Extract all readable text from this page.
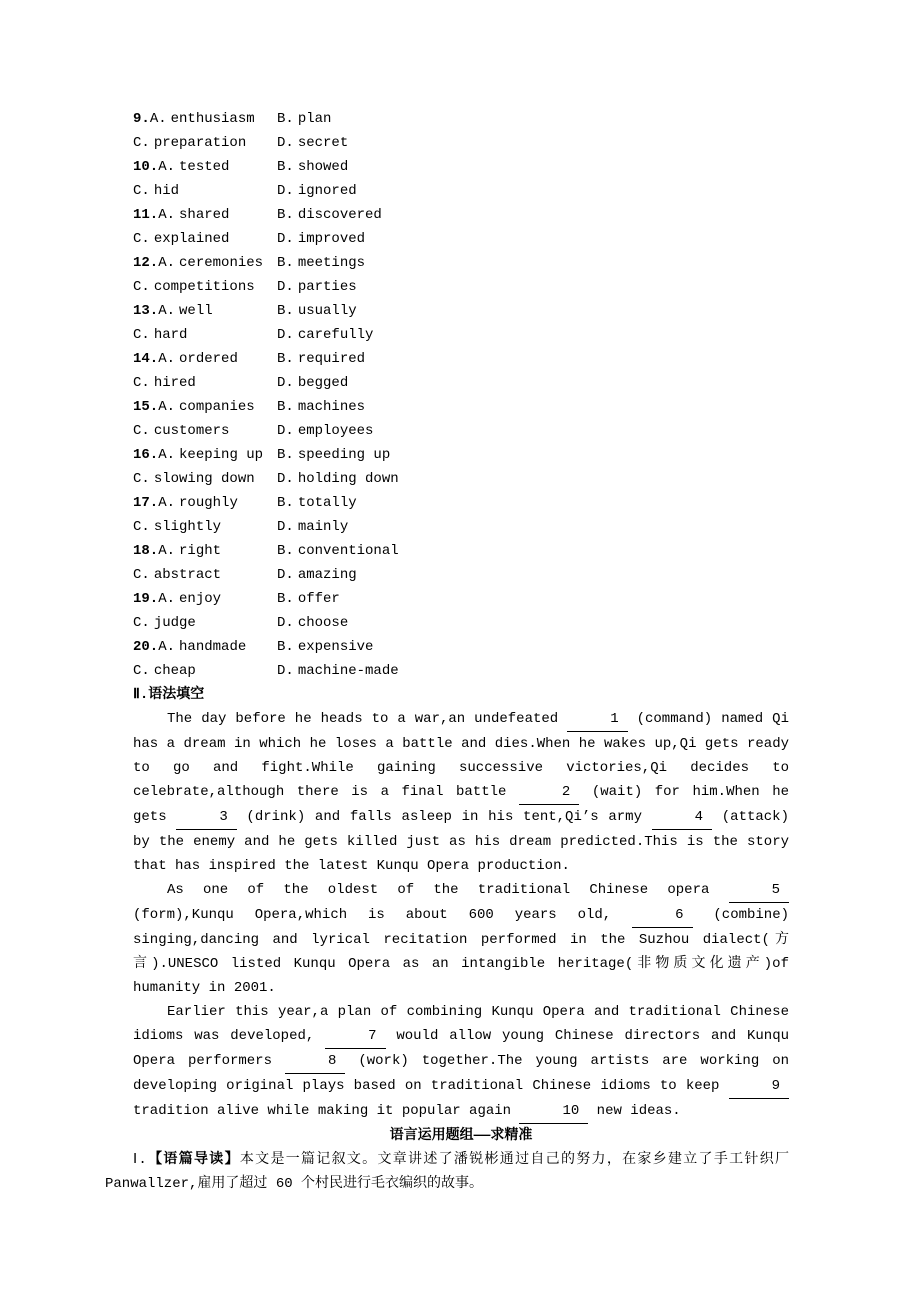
9.A. enthusiasm	B. plan
C. preparation	D. secret
10.A. tested	B. showed
C. hid	D. ignored
11.A. shared	B. discovered
C. explained	D. improved
12.A. ceremonies B. meetings
C. competitions	D. parties
13.A. well	B. usually
C. hard	D. carefully
14.A. ordered	B. required
C. hired	D. begged
15.A. companies	B. machines
C. customers	D. employees
16.A. keeping up B. speeding up
C. slowing down	D. holding down
17.A. roughly	B. totally
C. slightly	D. mainly
18.A. right	B. conventional
C. abstract	D. amazing
19.A. enjoy	B. offer
C. judge	D. choose
20.A. handmade	B. expensive
C. cheap	D. machine-made
Ⅱ.语法填空

The day before he heads to a war,an undefeated	1 (command) named Qi has a dream in which he loses a battle and dies.When he wakes up,Qi gets ready to go and fight.While gaining successive victories,Qi decides to celebrate,although there is a final battle	2 (wait) for him.When he gets	3 (drink) and falls asleep in his tent,Qi’s army	4 (attack) by the enemy and he gets killed just as his dream predicted.This is the story that has inspired the latest Kunqu Opera production.

As one of the oldest of the traditional Chinese opera	5 (form),Kunqu Opera,which is about 600 years old,	6 (combine) singing,dancing and lyrical recitation performed in the Suzhou dialect(方言).UNESCO listed Kunqu Opera as an intangible heritage(非物质文化遗产)of humanity in 2001.

Earlier this year,a plan of combining Kunqu Opera and traditional Chinese idioms was developed,	7 would allow young Chinese directors and Kunqu Opera performers	8 (work) together.The young artists are working on developing original plays based on traditional Chinese idioms to keep	9 tradition alive while making it popular again	10 new ideas.

语言运用题组——求精准

Ⅰ.【语篇导读】本文是一篇记叙文。文章讲述了潘锐彬通过自己的努力，在家乡建立了手工针织厂 Panwallzer,雇用了超过 60 个村民进行毛衣编织的故事。
